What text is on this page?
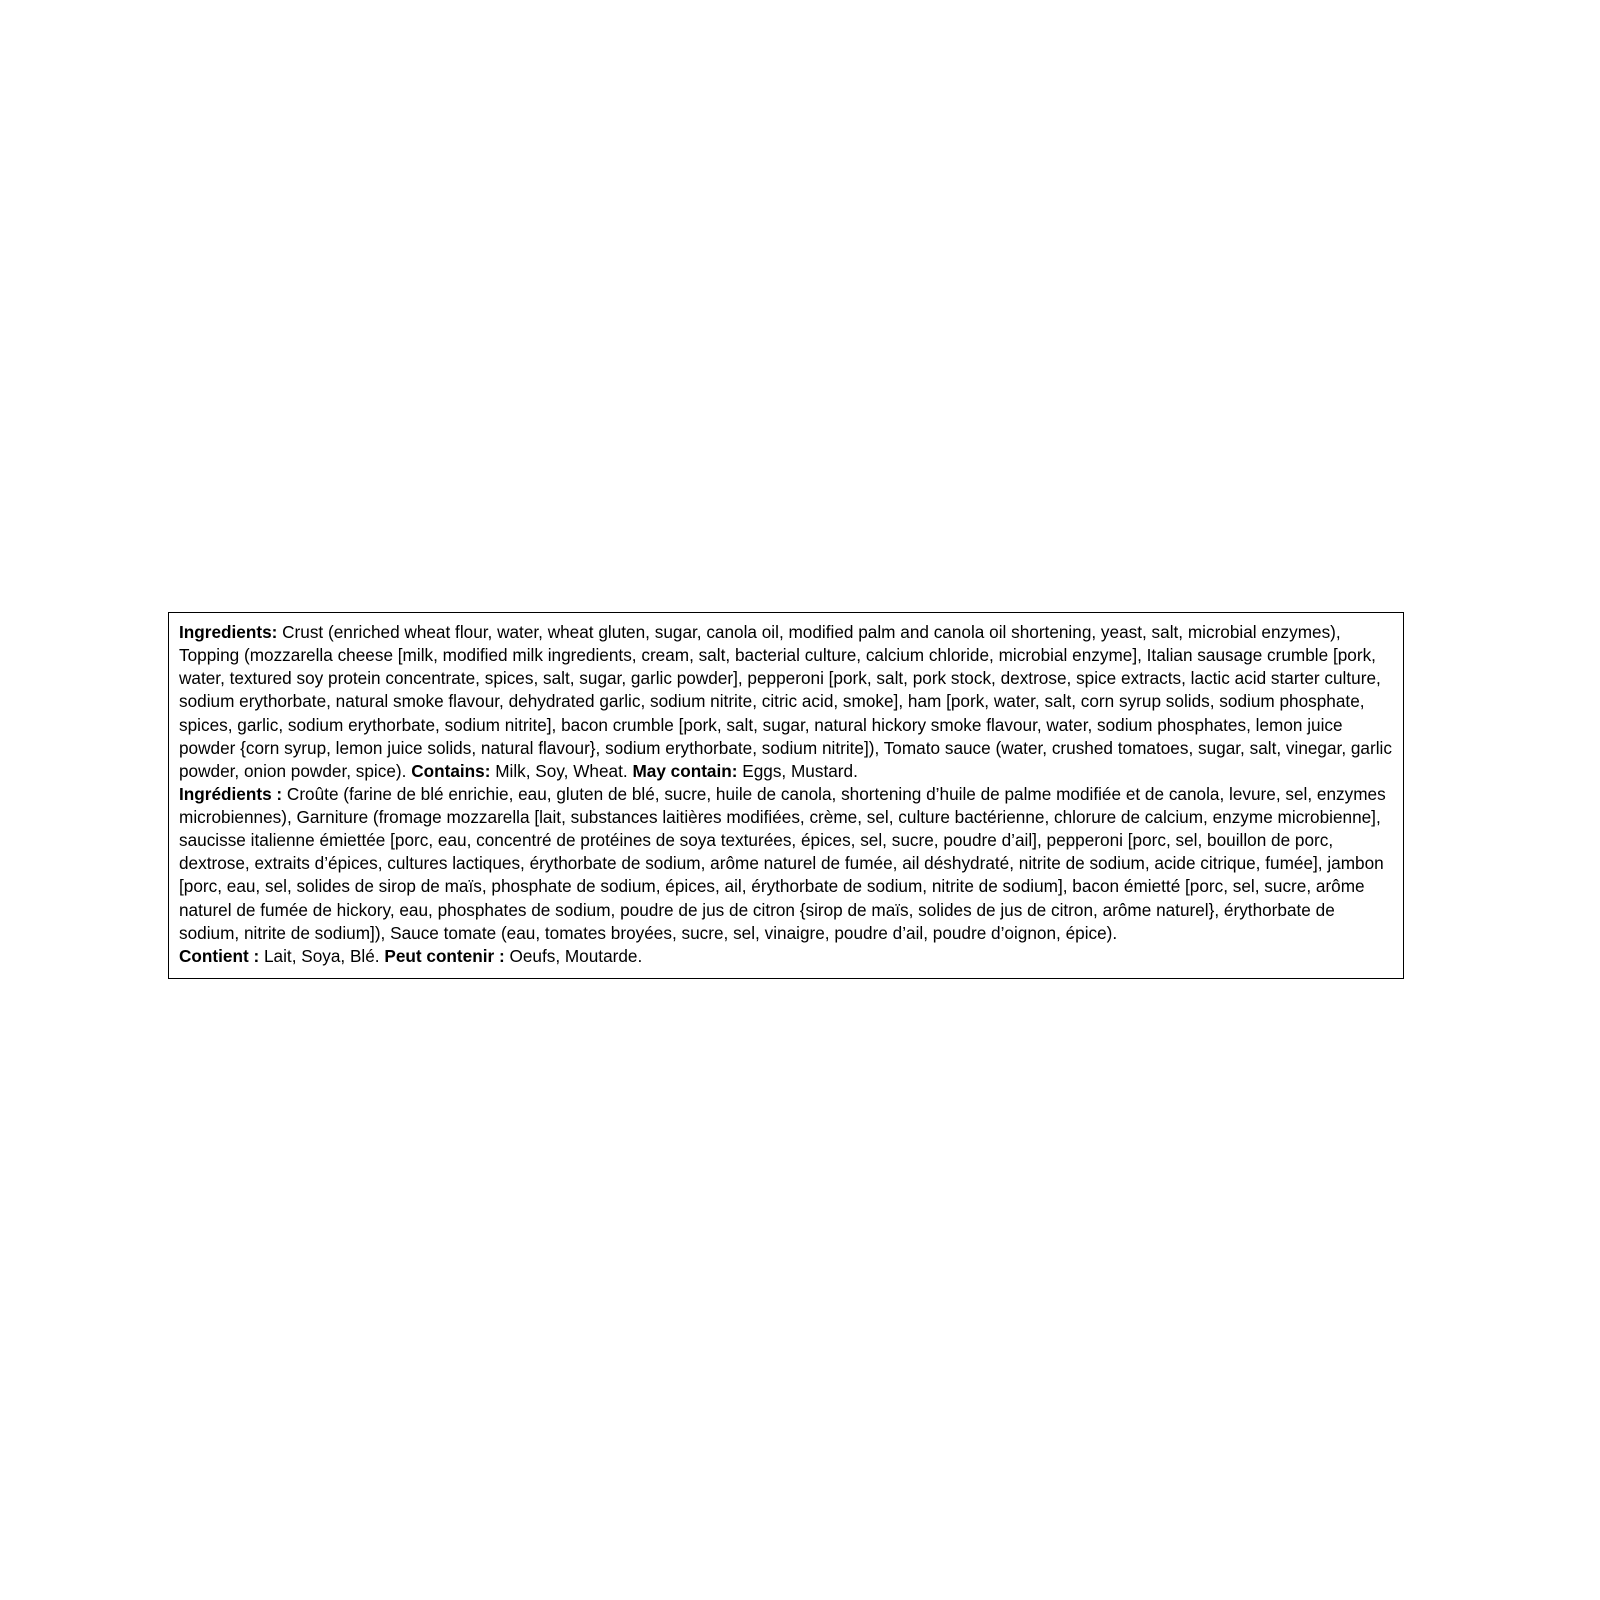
Ingredients: Crust (enriched wheat flour, water, wheat gluten, sugar, canola oil, modified palm and canola oil shortening, yeast, salt, microbial enzymes), Topping (mozzarella cheese [milk, modified milk ingredients, cream, salt, bacterial culture, calcium chloride, microbial enzyme], Italian sausage crumble [pork, water, textured soy protein concentrate, spices, salt, sugar, garlic powder], pepperoni [pork, salt, pork stock, dextrose, spice extracts, lactic acid starter culture, sodium erythorbate, natural smoke flavour, dehydrated garlic, sodium nitrite, citric acid, smoke], ham [pork, water, salt, corn syrup solids, sodium phosphate, spices, garlic, sodium erythorbate, sodium nitrite], bacon crumble [pork, salt, sugar, natural hickory smoke flavour, water, sodium phosphates, lemon juice powder {corn syrup, lemon juice solids, natural flavour}, sodium erythorbate, sodium nitrite]), Tomato sauce (water, crushed tomatoes, sugar, salt, vinegar, garlic powder, onion powder, spice). Contains: Milk, Soy, Wheat. May contain: Eggs, Mustard.

Ingrédients : Croûte (farine de blé enrichie, eau, gluten de blé, sucre, huile de canola, shortening d’huile de palme modifiée et de canola, levure, sel, enzymes microbiennes), Garniture (fromage mozzarella [lait, substances laitières modifiées, crème, sel, culture bactérienne, chlorure de calcium, enzyme microbienne], saucisse italienne émiettée [porc, eau, concentré de protéines de soya texturées, épices, sel, sucre, poudre d’ail], pepperoni [porc, sel, bouillon de porc, dextrose, extraits d’épices, cultures lactiques, érythorbate de sodium, arôme naturel de fumée, ail déshydraté, nitrite de sodium, acide citrique, fumée], jambon [porc, eau, sel, solides de sirop de maïs, phosphate de sodium, épices, ail, érythorbate de sodium, nitrite de sodium], bacon émietté [porc, sel, sucre, arôme naturel de fumée de hickory, eau, phosphates de sodium, poudre de jus de citron {sirop de maïs, solides de jus de citron, arôme naturel}, érythorbate de sodium, nitrite de sodium]), Sauce tomate (eau, tomates broyées, sucre, sel, vinaigre, poudre d’ail, poudre d’oignon, épice).

Contient : Lait, Soya, Blé. Peut contenir : Oeufs, Moutarde.
